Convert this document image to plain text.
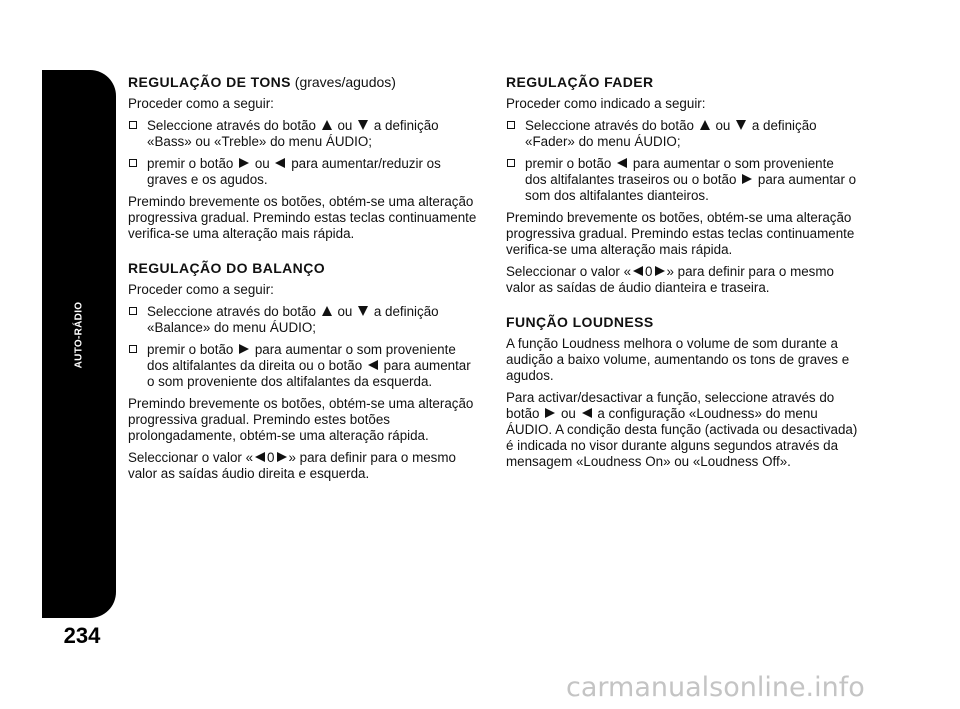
AUTO-RÁDIO
234
REGULAÇÃO DE TONS (graves/agudos)
Proceder como a seguir:
Seleccione através do botão ou a definição «Bass» ou «Treble» do menu ÁUDIO;
premir o botão ou para aumentar/reduzir os graves e os agudos.
Premindo brevemente os botões, obtém-se uma alteração progressiva gradual. Premindo estas teclas continuamente verifica-se uma alteração mais rápida.
REGULAÇÃO DO BALANÇO
Proceder como a seguir:
Seleccione através do botão ou a definição «Balance» do menu ÁUDIO;
premir o botão para aumentar o som proveniente dos altifalantes da direita ou o botão para aumentar o som proveniente dos altifalantes da esquerda.
Premindo brevemente os botões, obtém-se uma alteração progressiva gradual. Premindo estes botões prolongadamente, obtém-se uma alteração rápida.
Seleccionar o valor « 0 » para definir para o mesmo valor as saídas áudio direita e esquerda.
REGULAÇÃO FADER
Proceder como indicado a seguir:
Seleccione através do botão ou a definição «Fader» do menu ÁUDIO;
premir o botão para aumentar o som proveniente dos altifalantes traseiros ou o botão para aumentar o som dos altifalantes dianteiros.
Premindo brevemente os botões, obtém-se uma alteração progressiva gradual. Premindo estas teclas continuamente verifica-se uma alteração mais rápida.
Seleccionar o valor « 0 » para definir para o mesmo valor as saídas de áudio dianteira e traseira.
FUNÇÃO LOUDNESS
A função Loudness melhora o volume de som durante a audição a baixo volume, aumentando os tons de graves e agudos.
Para activar/desactivar a função, seleccione através do botão ou a configuração «Loudness» do menu ÁUDIO. A condição desta função (activada ou desactivada) é indicada no visor durante alguns segundos através da mensagem «Loudness On» ou «Loudness Off».
carmanualsonline.info
